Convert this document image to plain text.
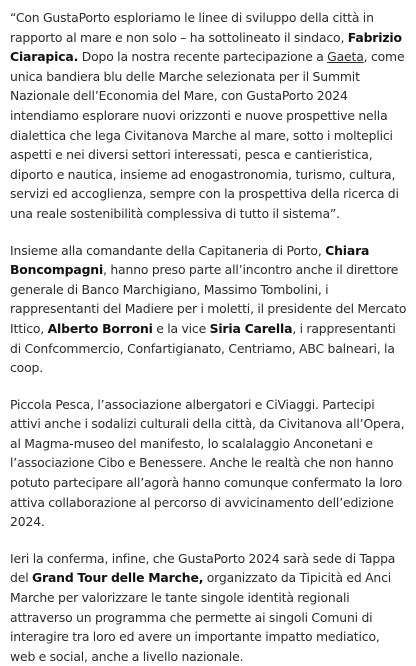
“Con GustaPorto esploriamo le linee di sviluppo della città in rapporto al mare e non solo – ha sottolineato il sindaco, Fabrizio Ciarapica. Dopo la nostra recente partecipazione a Gaeta, come unica bandiera blu delle Marche selezionata per il Summit Nazionale dell’Economia del Mare, con GustaPorto 2024 intendiamo esplorare nuovi orizzonti e nuove prospettive nella dialettica che lega Civitanova Marche al mare, sotto i molteplici aspetti e nei diversi settori interessati, pesca e cantieristica, diporto e nautica, insieme ad enogastronomia, turismo, cultura, servizi ed accoglienza, sempre con la prospettiva della ricerca di una reale sostenibilità complessiva di tutto il sistema”.

Insieme alla comandante della Capitaneria di Porto, Chiara Boncompagni, hanno preso parte all’incontro anche il direttore generale di Banco Marchigiano, Massimo Tombolini, i rappresentanti del Madiere per i moletti, il presidente del Mercato Ittico, Alberto Borroni e la vice Siria Carella, i rappresentanti di Confcommercio, Confartigianato, Centriamo, ABC balneari, la coop.

Piccola Pesca, l’associazione albergatori e CiViaggi. Partecipi attivi anche i sodalizi culturali della città, da Civitanova all’Opera, al Magma-museo del manifesto, lo scalalaggio Anconetani e l’associazione Cibo e Benessere. Anche le realtà che non hanno potuto partecipare all’agorà hanno comunque confermato la loro attiva collaborazione al percorso di avvicinamento dell’edizione 2024.

Ieri la conferma, infine, che GustaPorto 2024 sarà sede di Tappa del Grand Tour delle Marche, organizzato da Tipicità ed Anci Marche per valorizzare le tante singole identità regionali attraverso un programma che permette ai singoli Comuni di interagire tra loro ed avere un importante impatto mediatico, web e social, anche a livello nazionale.
